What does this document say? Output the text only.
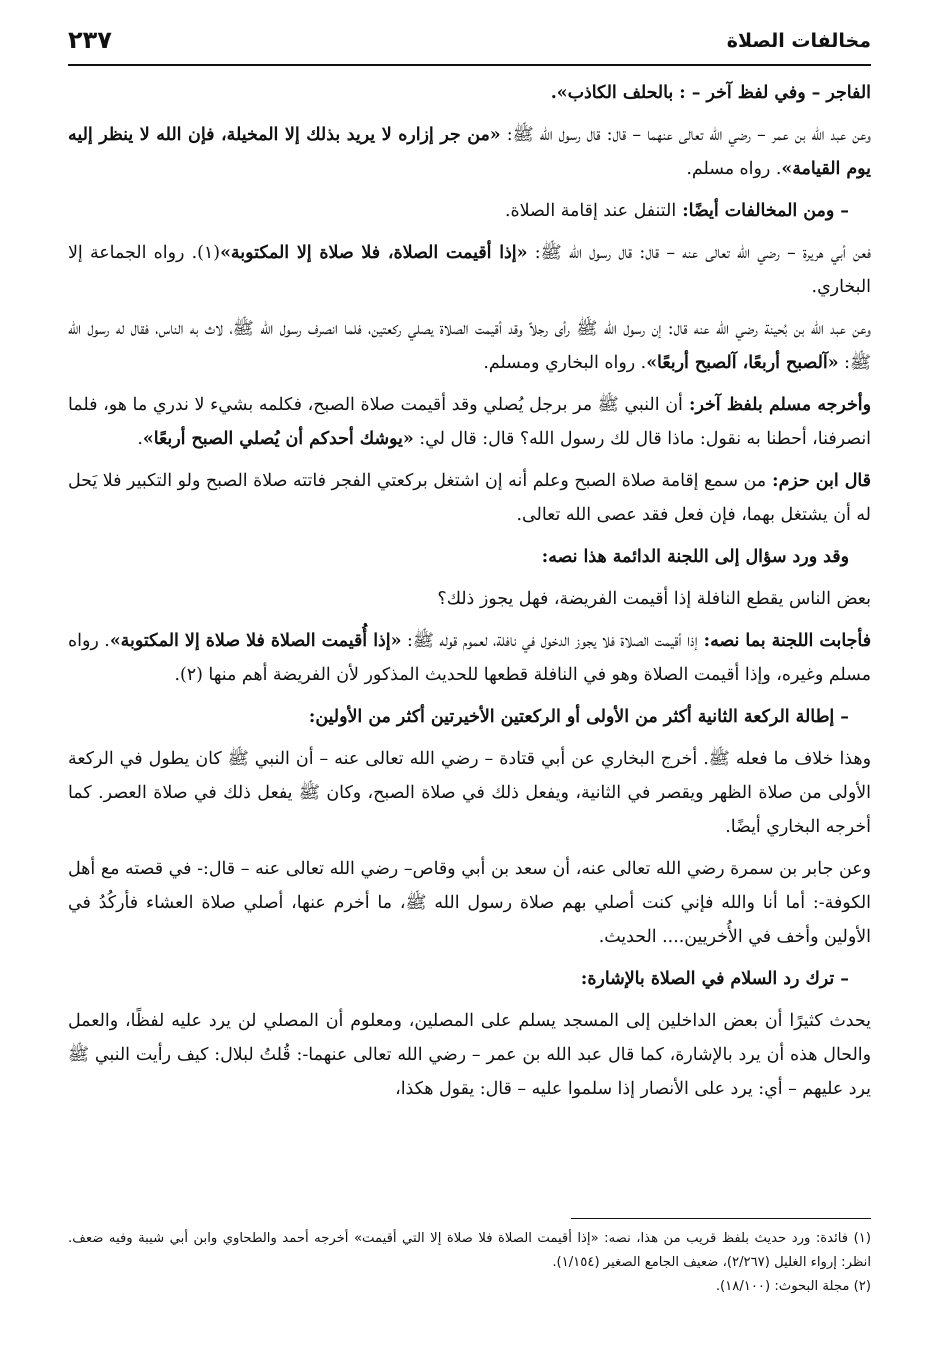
مخالفات الصلاة
٢٣٧

الفاجر – وفي لفظ آخر – : بالحلف الكاذب».

وعن عبد الله بن عمر – رضي الله تعالى عنهما – قال: قال رسول الله ﷺ: «من جر إزاره لا يريد بذلك إلا المخيلة، فإن الله لا ينظر إليه يوم القيامة». رواه مسلم.

– ومن المخالفات أيضًا: التنفل عند إقامة الصلاة.

فعن أبي هريرة – رضي الله تعالى عنه – قال: قال رسول الله ﷺ: «إذا أقيمت الصلاة، فلا صلاة إلا المكتوبة»(١). رواه الجماعة إلا البخاري.

وعن عبد الله بن بُحينة رضي الله عنه قال: إن رسول الله ﷺ رأى رجلاً وقد أقيمت الصلاة يصلي ركعتين، فلما انصرف رسول الله ﷺ، لاث به الناس، فقال له رسول الله ﷺ: «آلصبح أربعًا، آلصبح أربعًا». رواه البخاري ومسلم.

وأخرجه مسلم بلفظ آخر: أن النبي ﷺ مر برجل يُصلي وقد أقيمت صلاة الصبح، فكلمه بشيء لا ندري ما هو، فلما انصرفنا، أحطنا به نقول: ماذا قال لك رسول الله؟ قال: قال لي: «يوشك أحدكم أن يُصلي الصبح أربعًا».

قال ابن حزم: من سمع إقامة صلاة الصبح وعلم أنه إن اشتغل بركعتي الفجر فاتته صلاة الصبح ولو التكبير فلا يَحل له أن يشتغل بهما، فإن فعل فقد عصى الله تعالى.

وقد ورد سؤال إلى اللجنة الدائمة هذا نصه:

بعض الناس يقطع النافلة إذا أقيمت الفريضة، فهل يجوز ذلك؟

فأجابت اللجنة بما نصه: إذا أقيمت الصلاة فلا يجوز الدخول في نافلة، لعموم قوله ﷺ: «إذا أُقيمت الصلاة فلا صلاة إلا المكتوبة». رواه مسلم وغيره، وإذا أقيمت الصلاة وهو في النافلة قطعها للحديث المذكور لأن الفريضة أهم منها (٢).

– إطالة الركعة الثانية أكثر من الأولى أو الركعتين الأخيرتين أكثر من الأولين:

وهذا خلاف ما فعله ﷺ. أخرج البخاري عن أبي قتادة – رضي الله تعالى عنه – أن النبي ﷺ كان يطول في الركعة الأولى من صلاة الظهر ويقصر في الثانية، ويفعل ذلك في صلاة الصبح، وكان ﷺ يفعل ذلك في صلاة العصر. كما أخرجه البخاري أيضًا.

وعن جابر بن سمرة رضي الله تعالى عنه، أن سعد بن أبي وقاص– رضي الله تعالى عنه – قال:- في قصته مع أهل الكوفة-: أما أنا والله فإني كنت أصلي بهم صلاة رسول الله ﷺ، ما أخرم عنها، أصلي صلاة العشاء فأركُدُ في الأولين وأخف في الأُخريين.... الحديث.

– ترك رد السلام في الصلاة بالإشارة:

يحدث كثيرًا أن بعض الداخلين إلى المسجد يسلم على المصلين، ومعلوم أن المصلي لن يرد عليه لفظًا، والعمل والحال هذه أن يرد بالإشارة، كما قال عبد الله بن عمر – رضي الله تعالى عنهما-: قُلتُ لبلال: كيف رأيت النبي ﷺ يرد عليهم – أي: يرد على الأنصار إذا سلموا عليه – قال: يقول هكذا،

(١) فائدة: ورد حديث بلفظ قريب من هذا، نصه: «إذا أقيمت الصلاة فلا صلاة إلا التي أقيمت» أخرجه أحمد والطحاوي وابن أبي شيبة وفيه ضعف. انظر: إرواء الغليل (٢/٢٦٧)، ضعيف الجامع الصغير (١/١٥٤).

(٢) مجلة البحوث: (١٨/١٠٠).
